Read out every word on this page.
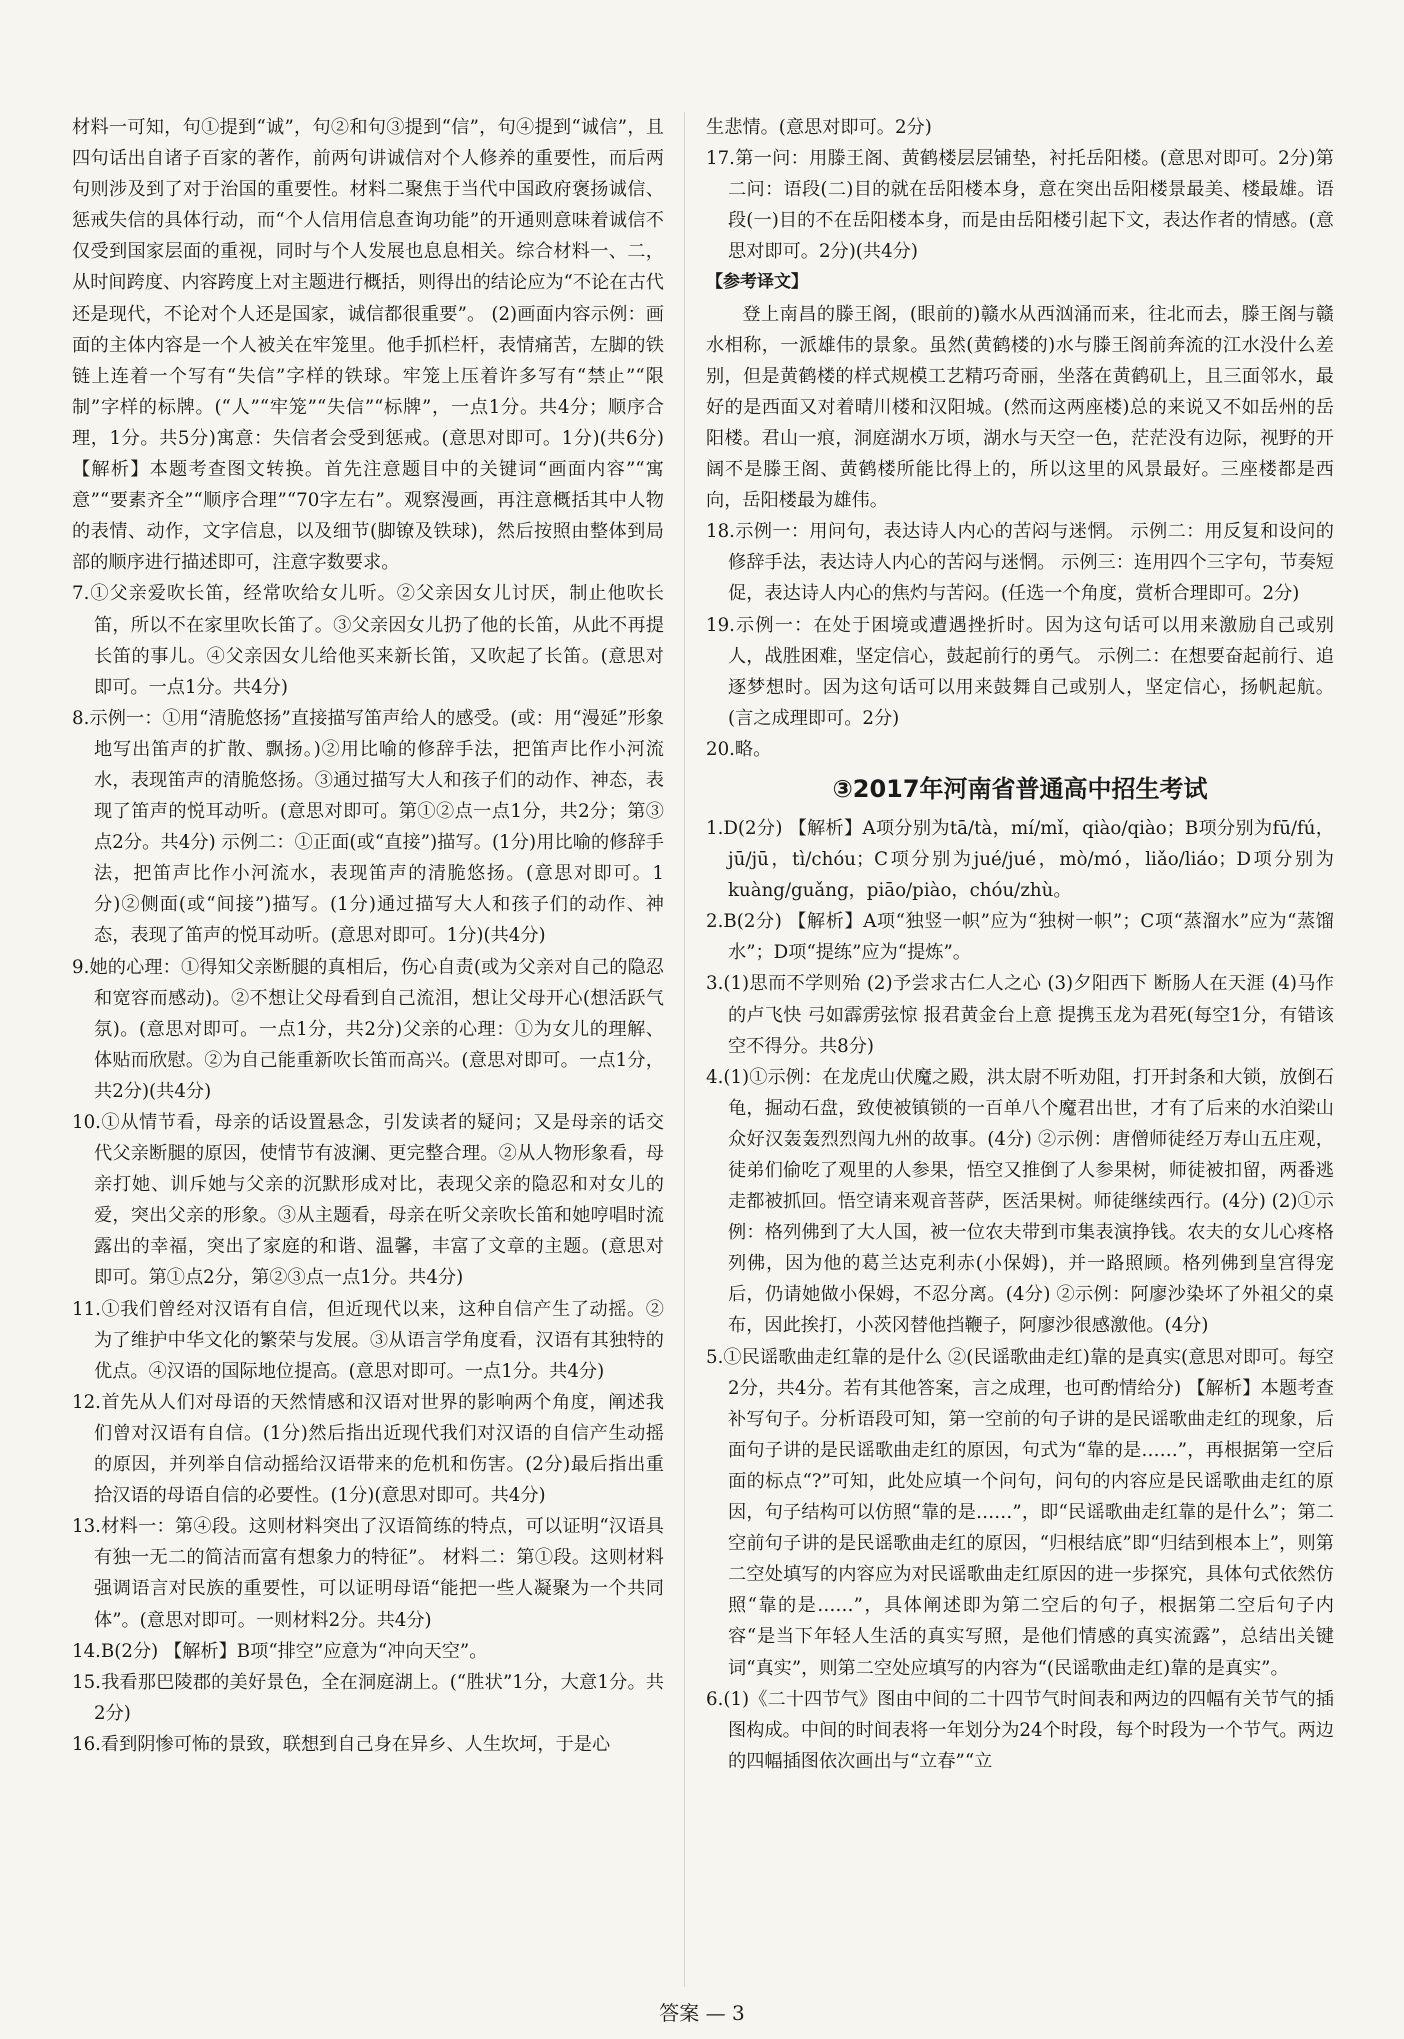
材料一可知，句①提到“诚”，句②和句③提到“信”，句④提到“诚信”，且四句话出自诸子百家的著作，前两句讲诚信对个人修养的重要性，而后两句则涉及到了对于治国的重要性。材料二聚焦于当代中国政府褒扬诚信、惩戒失信的具体行动，而“个人信用信息查询功能”的开通则意味着诚信不仅受到国家层面的重视，同时与个人发展也息息相关。综合材料一、二，从时间跨度、内容跨度上对主题进行概括，则得出的结论应为“不论在古代还是现代，不论对个人还是国家，诚信都很重要”。 (2)画面内容示例：画面的主体内容是一个人被关在牢笼里。他手抓栏杆，表情痛苦，左脚的铁链上连着一个写有“失信”字样的铁球。牢笼上压着许多写有“禁止”“限制”字样的标牌。(“人”“牢笼”“失信”“标牌”，一点1分。共4分；顺序合理，1分。共5分)寓意：失信者会受到惩戒。(意思对即可。1分)(共6分) 【解析】本题考查图文转换。首先注意题目中的关键词“画面内容”“寓意”“要素齐全”“顺序合理”“70字左右”。观察漫画，再注意概括其中人物的表情、动作，文字信息，以及细节(脚镣及铁球)，然后按照由整体到局部的顺序进行描述即可，注意字数要求。

7.①父亲爱吹长笛，经常吹给女儿听。②父亲因女儿讨厌，制止他吹长笛，所以不在家里吹长笛了。③父亲因女儿扔了他的长笛，从此不再提长笛的事儿。④父亲因女儿给他买来新长笛，又吹起了长笛。(意思对即可。一点1分。共4分)

8.示例一：①用“清脆悠扬”直接描写笛声给人的感受。(或：用“漫延”形象地写出笛声的扩散、飘扬。)②用比喻的修辞手法，把笛声比作小河流水，表现笛声的清脆悠扬。③通过描写大人和孩子们的动作、神态，表现了笛声的悦耳动听。(意思对即可。第①②点一点1分，共2分；第③点2分。共4分) 示例二：①正面(或“直接”)描写。(1分)用比喻的修辞手法，把笛声比作小河流水，表现笛声的清脆悠扬。(意思对即可。1分)②侧面(或“间接”)描写。(1分)通过描写大人和孩子们的动作、神态，表现了笛声的悦耳动听。(意思对即可。1分)(共4分)

9.她的心理：①得知父亲断腿的真相后，伤心自责(或为父亲对自己的隐忍和宽容而感动)。②不想让父母看到自己流泪，想让父母开心(想活跃气氛)。(意思对即可。一点1分，共2分)父亲的心理：①为女儿的理解、体贴而欣慰。②为自己能重新吹长笛而高兴。(意思对即可。一点1分，共2分)(共4分)

10.①从情节看，母亲的话设置悬念，引发读者的疑问；又是母亲的话交代父亲断腿的原因，使情节有波澜、更完整合理。②从人物形象看，母亲打她、训斥她与父亲的沉默形成对比，表现父亲的隐忍和对女儿的爱，突出父亲的形象。③从主题看，母亲在听父亲吹长笛和她哼唱时流露出的幸福，突出了家庭的和谐、温馨，丰富了文章的主题。(意思对即可。第①点2分，第②③点一点1分。共4分)

11.①我们曾经对汉语有自信，但近现代以来，这种自信产生了动摇。②为了维护中华文化的繁荣与发展。③从语言学角度看，汉语有其独特的优点。④汉语的国际地位提高。(意思对即可。一点1分。共4分)

12.首先从人们对母语的天然情感和汉语对世界的影响两个角度，阐述我们曾对汉语有自信。(1分)然后指出近现代我们对汉语的自信产生动摇的原因，并列举自信动摇给汉语带来的危机和伤害。(2分)最后指出重拾汉语的母语自信的必要性。(1分)(意思对即可。共4分)

13.材料一：第④段。这则材料突出了汉语简练的特点，可以证明“汉语具有独一无二的简洁而富有想象力的特征”。 材料二：第①段。这则材料强调语言对民族的重要性，可以证明母语“能把一些人凝聚为一个共同体”。(意思对即可。一则材料2分。共4分)

14.B(2分) 【解析】B项“排空”应意为“冲向天空”。

15.我看那巴陵郡的美好景色，全在洞庭湖上。(“胜状”1分，大意1分。共2分)

16.看到阴惨可怖的景致，联想到自己身在异乡、人生坎坷，于是心

生悲情。(意思对即可。2分)

17.第一问：用滕王阁、黄鹤楼层层铺垫，衬托岳阳楼。(意思对即可。2分)第二问：语段(二)目的就在岳阳楼本身，意在突出岳阳楼景最美、楼最雄。语段(一)目的不在岳阳楼本身，而是由岳阳楼引起下文，表达作者的情感。(意思对即可。2分)(共4分)

【参考译文】

登上南昌的滕王阁，(眼前的)赣水从西汹涌而来，往北而去，滕王阁与赣水相称，一派雄伟的景象。虽然(黄鹤楼的)水与滕王阁前奔流的江水没什么差别，但是黄鹤楼的样式规模工艺精巧奇丽，坐落在黄鹤矶上，且三面邻水，最好的是西面又对着晴川楼和汉阳城。(然而这两座楼)总的来说又不如岳州的岳阳楼。君山一痕，洞庭湖水万顷，湖水与天空一色，茫茫没有边际，视野的开阔不是滕王阁、黄鹤楼所能比得上的，所以这里的风景最好。三座楼都是西向，岳阳楼最为雄伟。

18.示例一：用问句，表达诗人内心的苦闷与迷惘。 示例二：用反复和设问的修辞手法，表达诗人内心的苦闷与迷惘。 示例三：连用四个三字句，节奏短促，表达诗人内心的焦灼与苦闷。(任选一个角度，赏析合理即可。2分)

19.示例一：在处于困境或遭遇挫折时。因为这句话可以用来激励自己或别人，战胜困难，坚定信心，鼓起前行的勇气。 示例二：在想要奋起前行、追逐梦想时。因为这句话可以用来鼓舞自己或别人，坚定信心，扬帆起航。(言之成理即可。2分)

20.略。

③2017年河南省普通高中招生考试

1.D(2分) 【解析】A项分别为tā/tà，mí/mǐ，qiào/qiào；B项分别为fū/fú，jū/jū，tì/chóu；C项分别为jué/jué，mò/mó，liǎo/liáo；D项分别为kuàng/guǎng，piāo/piào，chóu/zhù。

2.B(2分) 【解析】A项“独竖一帜”应为“独树一帜”；C项“蒸溜水”应为“蒸馏水”；D项“提练”应为“提炼”。

3.(1)思而不学则殆 (2)予尝求古仁人之心 (3)夕阳西下 断肠人在天涯 (4)马作的卢飞快 弓如霹雳弦惊 报君黄金台上意 提携玉龙为君死(每空1分，有错该空不得分。共8分)

4.(1)①示例：在龙虎山伏魔之殿，洪太尉不听劝阻，打开封条和大锁，放倒石龟，掘动石盘，致使被镇锁的一百单八个魔君出世，才有了后来的水泊梁山众好汉轰轰烈烈闯九州的故事。(4分) ②示例：唐僧师徒经万寿山五庄观，徒弟们偷吃了观里的人参果，悟空又推倒了人参果树，师徒被扣留，两番逃走都被抓回。悟空请来观音菩萨，医活果树。师徒继续西行。(4分) (2)①示例：格列佛到了大人国，被一位农夫带到市集表演挣钱。农夫的女儿心疼格列佛，因为他的葛兰达克利赤(小保姆)，并一路照顾。格列佛到皇宫得宠后，仍请她做小保姆，不忍分离。(4分) ②示例：阿廖沙染坏了外祖父的桌布，因此挨打，小茨冈替他挡鞭子，阿廖沙很感激他。(4分)

5.①民谣歌曲走红靠的是什么 ②(民谣歌曲走红)靠的是真实(意思对即可。每空2分，共4分。若有其他答案，言之成理，也可酌情给分) 【解析】本题考查补写句子。分析语段可知，第一空前的句子讲的是民谣歌曲走红的现象，后面句子讲的是民谣歌曲走红的原因，句式为“靠的是……”，再根据第一空后面的标点“?”可知，此处应填一个问句，问句的内容应是民谣歌曲走红的原因，句子结构可以仿照“靠的是……”，即“民谣歌曲走红靠的是什么”；第二空前句子讲的是民谣歌曲走红的原因，“归根结底”即“归结到根本上”，则第二空处填写的内容应为对民谣歌曲走红原因的进一步探究，具体句式依然仿照“靠的是……”，具体阐述即为第二空后的句子，根据第二空后句子内容“是当下年轻人生活的真实写照，是他们情感的真实流露”，总结出关键词“真实”，则第二空处应填写的内容为“(民谣歌曲走红)靠的是真实”。

6.(1)《二十四节气》图由中间的二十四节气时间表和两边的四幅有关节气的插图构成。中间的时间表将一年划分为24个时段，每个时段为一个节气。两边的四幅插图依次画出与“立春”“立

答案 — 3
